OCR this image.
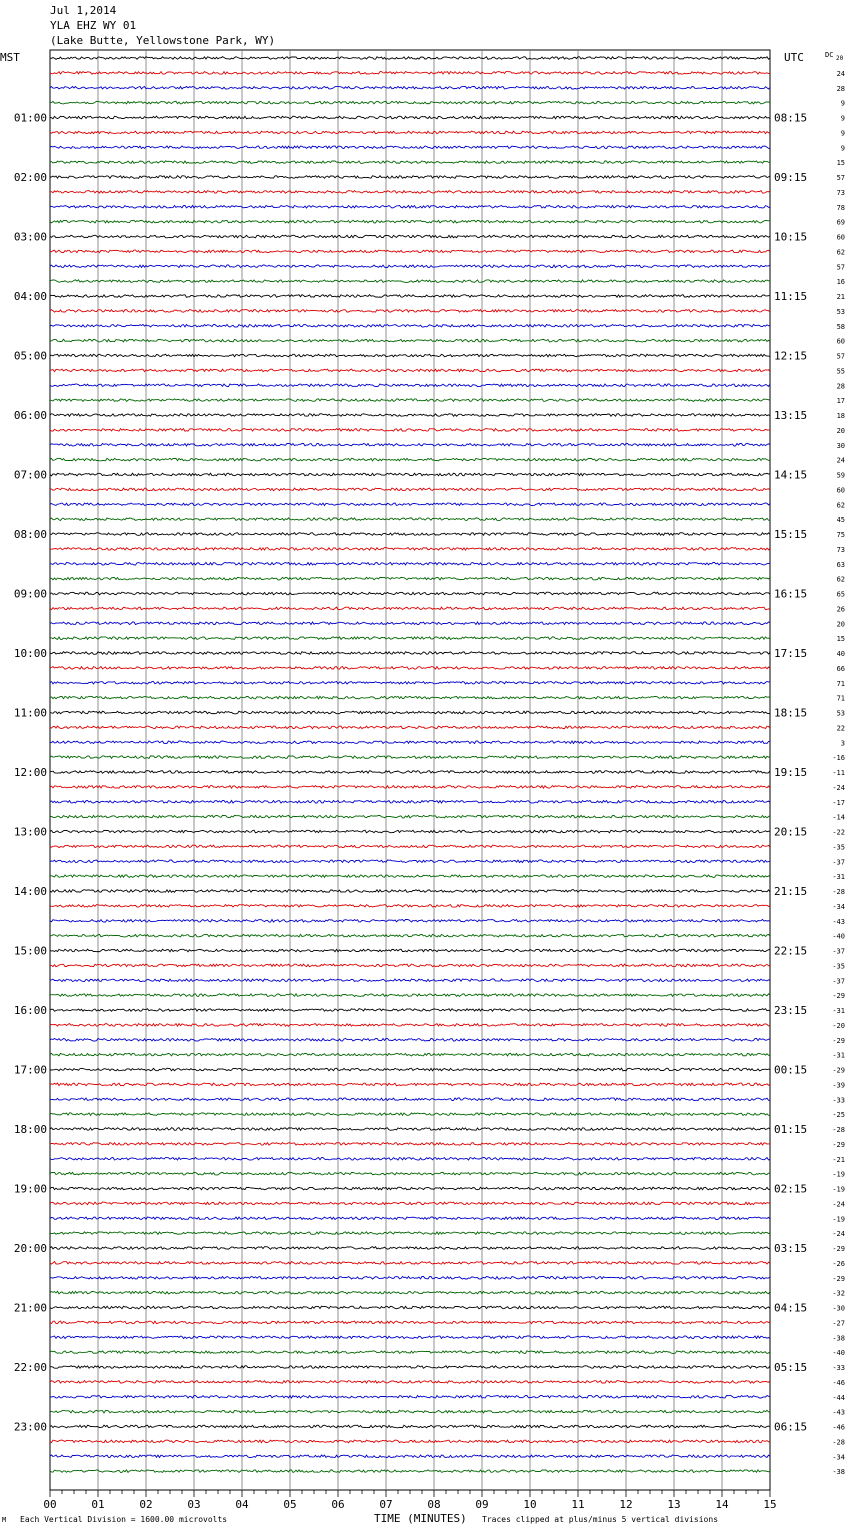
Jul 1,2014
YLA EHZ WY 01
(Lake Butte, Yellowstone Park, WY)
MST	UTC	DC 20
01:00	08:15
02:00	09:15
03:00	10:15
04:00	11:15
05:00	12:15
06:00	13:15
07:00	14:15
08:00	15:15
09:00	16:15
10:00	17:15
11:00	18:15
12:00	19:15
13:00	20:15
14:00	21:15
15:00	22:15
16:00	23:15
17:00	00:15
18:00	01:15
19:00	02:15
20:00	03:15
21:00	04:15
22:00	05:15
23:00	06:15
24
28
9
9
9
9
15
57
73
78
69
60
62
57
16
21
53
58
60
57
55
28
17
18
20
30
24
59
60
62
45
75
73
63
62
65
26
20
15
40
66
71
71
53
22
3
-16
-11
-24
-17
-14
-22
-35
-37
-31
-28
-34
-43
-40
-37
-35
-37
-29
-31
-20
-29
-31
-29
-39
-33
-25
-28
-29
-21
-19
-19
-24
-19
-24
-29
-26
-29
-32
-30
-27
-38
-40
-33
-46
-44
-43
-46
-28
-34
-38
00	01	02	03	04	05	06	07	08	09	10	11	12	13	14	15
M Each Vertical Division = 1600.00 microvolts	TIME (MINUTES) Traces clipped at plus/minus 5 vertical divisions
